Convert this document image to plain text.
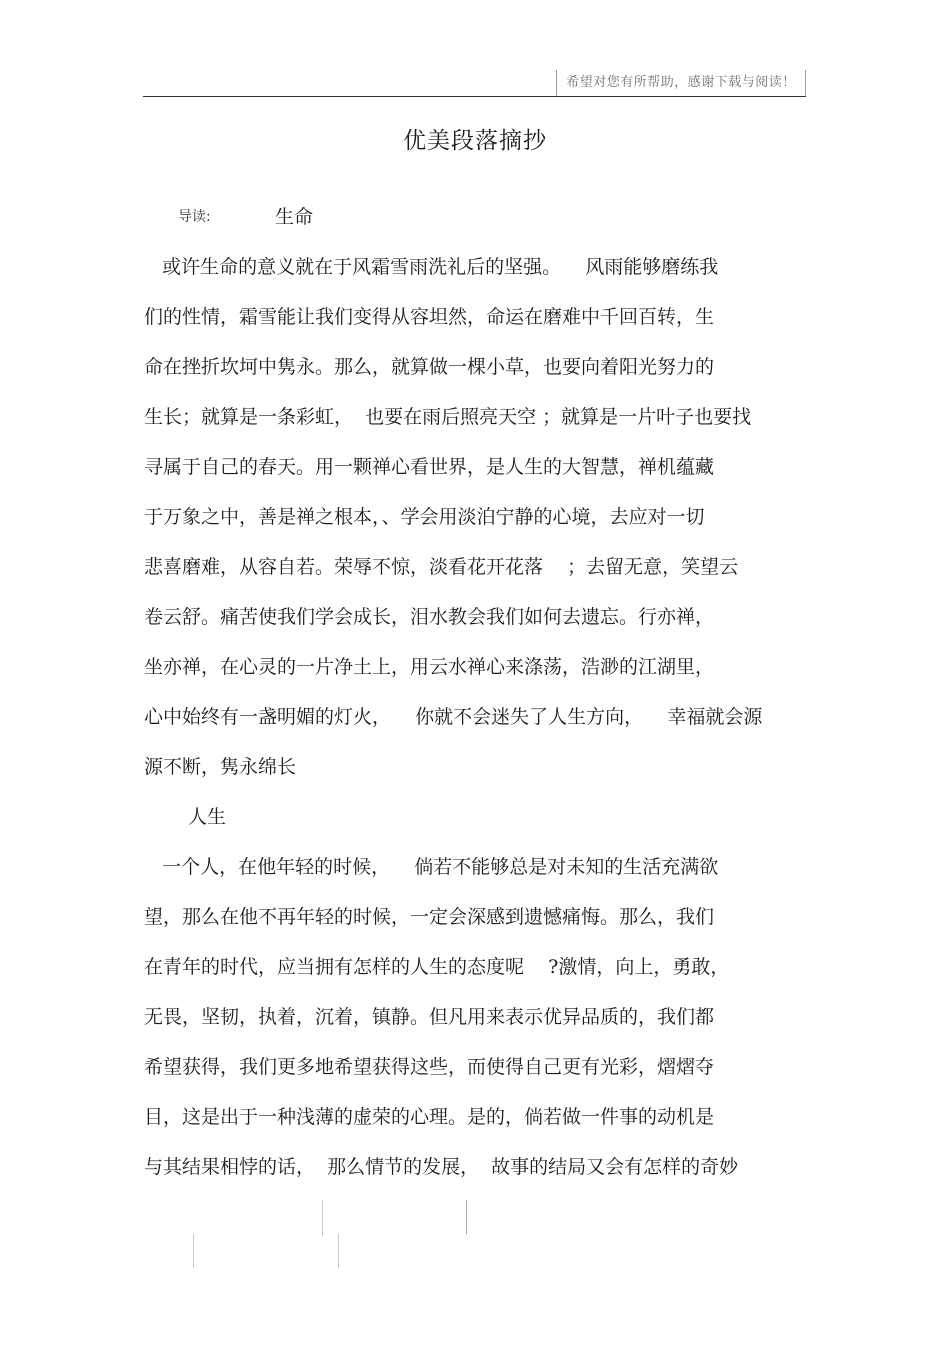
希望对您有所帮助，感谢下载与阅读！
优美段落摘抄
导读:	生命
或许生命的意义就在于风霜雪雨洗礼后的坚强。    风雨能够磨练我
们的性情，霜雪能让我们变得从容坦然，命运在磨难中千回百转，生
命在挫折坎坷中隽永。那么，就算做一棵小草，也要向着阳光努力的
生长；就算是一条彩虹，  也要在雨后照亮天空 ；就算是一片叶子也要找
寻属于自己的春天。用一颗禅心看世界，是人生的大智慧，禅机蕴藏
于万象之中，善是禅之根本，、学会用淡泊宁静的心境，去应对一切
悲喜磨难，从容自若。荣辱不惊，淡看花开花落    ；去留无意，笑望云
卷云舒。痛苦使我们学会成长，泪水教会我们如何去遗忘。行亦禅，
坐亦禅，在心灵的一片净土上，用云水禅心来涤荡，浩渺的江湖里，
心中始终有一盏明媚的灯火，    你就不会迷失了人生方向，    幸福就会源
源不断，隽永绵长
人生
一个人，在他年轻的时候，    倘若不能够总是对未知的生活充满欲
望，那么在他不再年轻的时候，一定会深感到遗憾痛悔。那么，我们
在青年的时代，应当拥有怎样的人生的态度呢    ?激情，向上，勇敢，
无畏，坚韧，执着，沉着，镇静。但凡用来表示优异品质的，我们都
希望获得，我们更多地希望获得这些，而使得自己更有光彩，熠熠夺
目，这是出于一种浅薄的虚荣的心理。是的，倘若做一件事的动机是
与其结果相悖的话，  那么情节的发展，  故事的结局又会有怎样的奇妙
